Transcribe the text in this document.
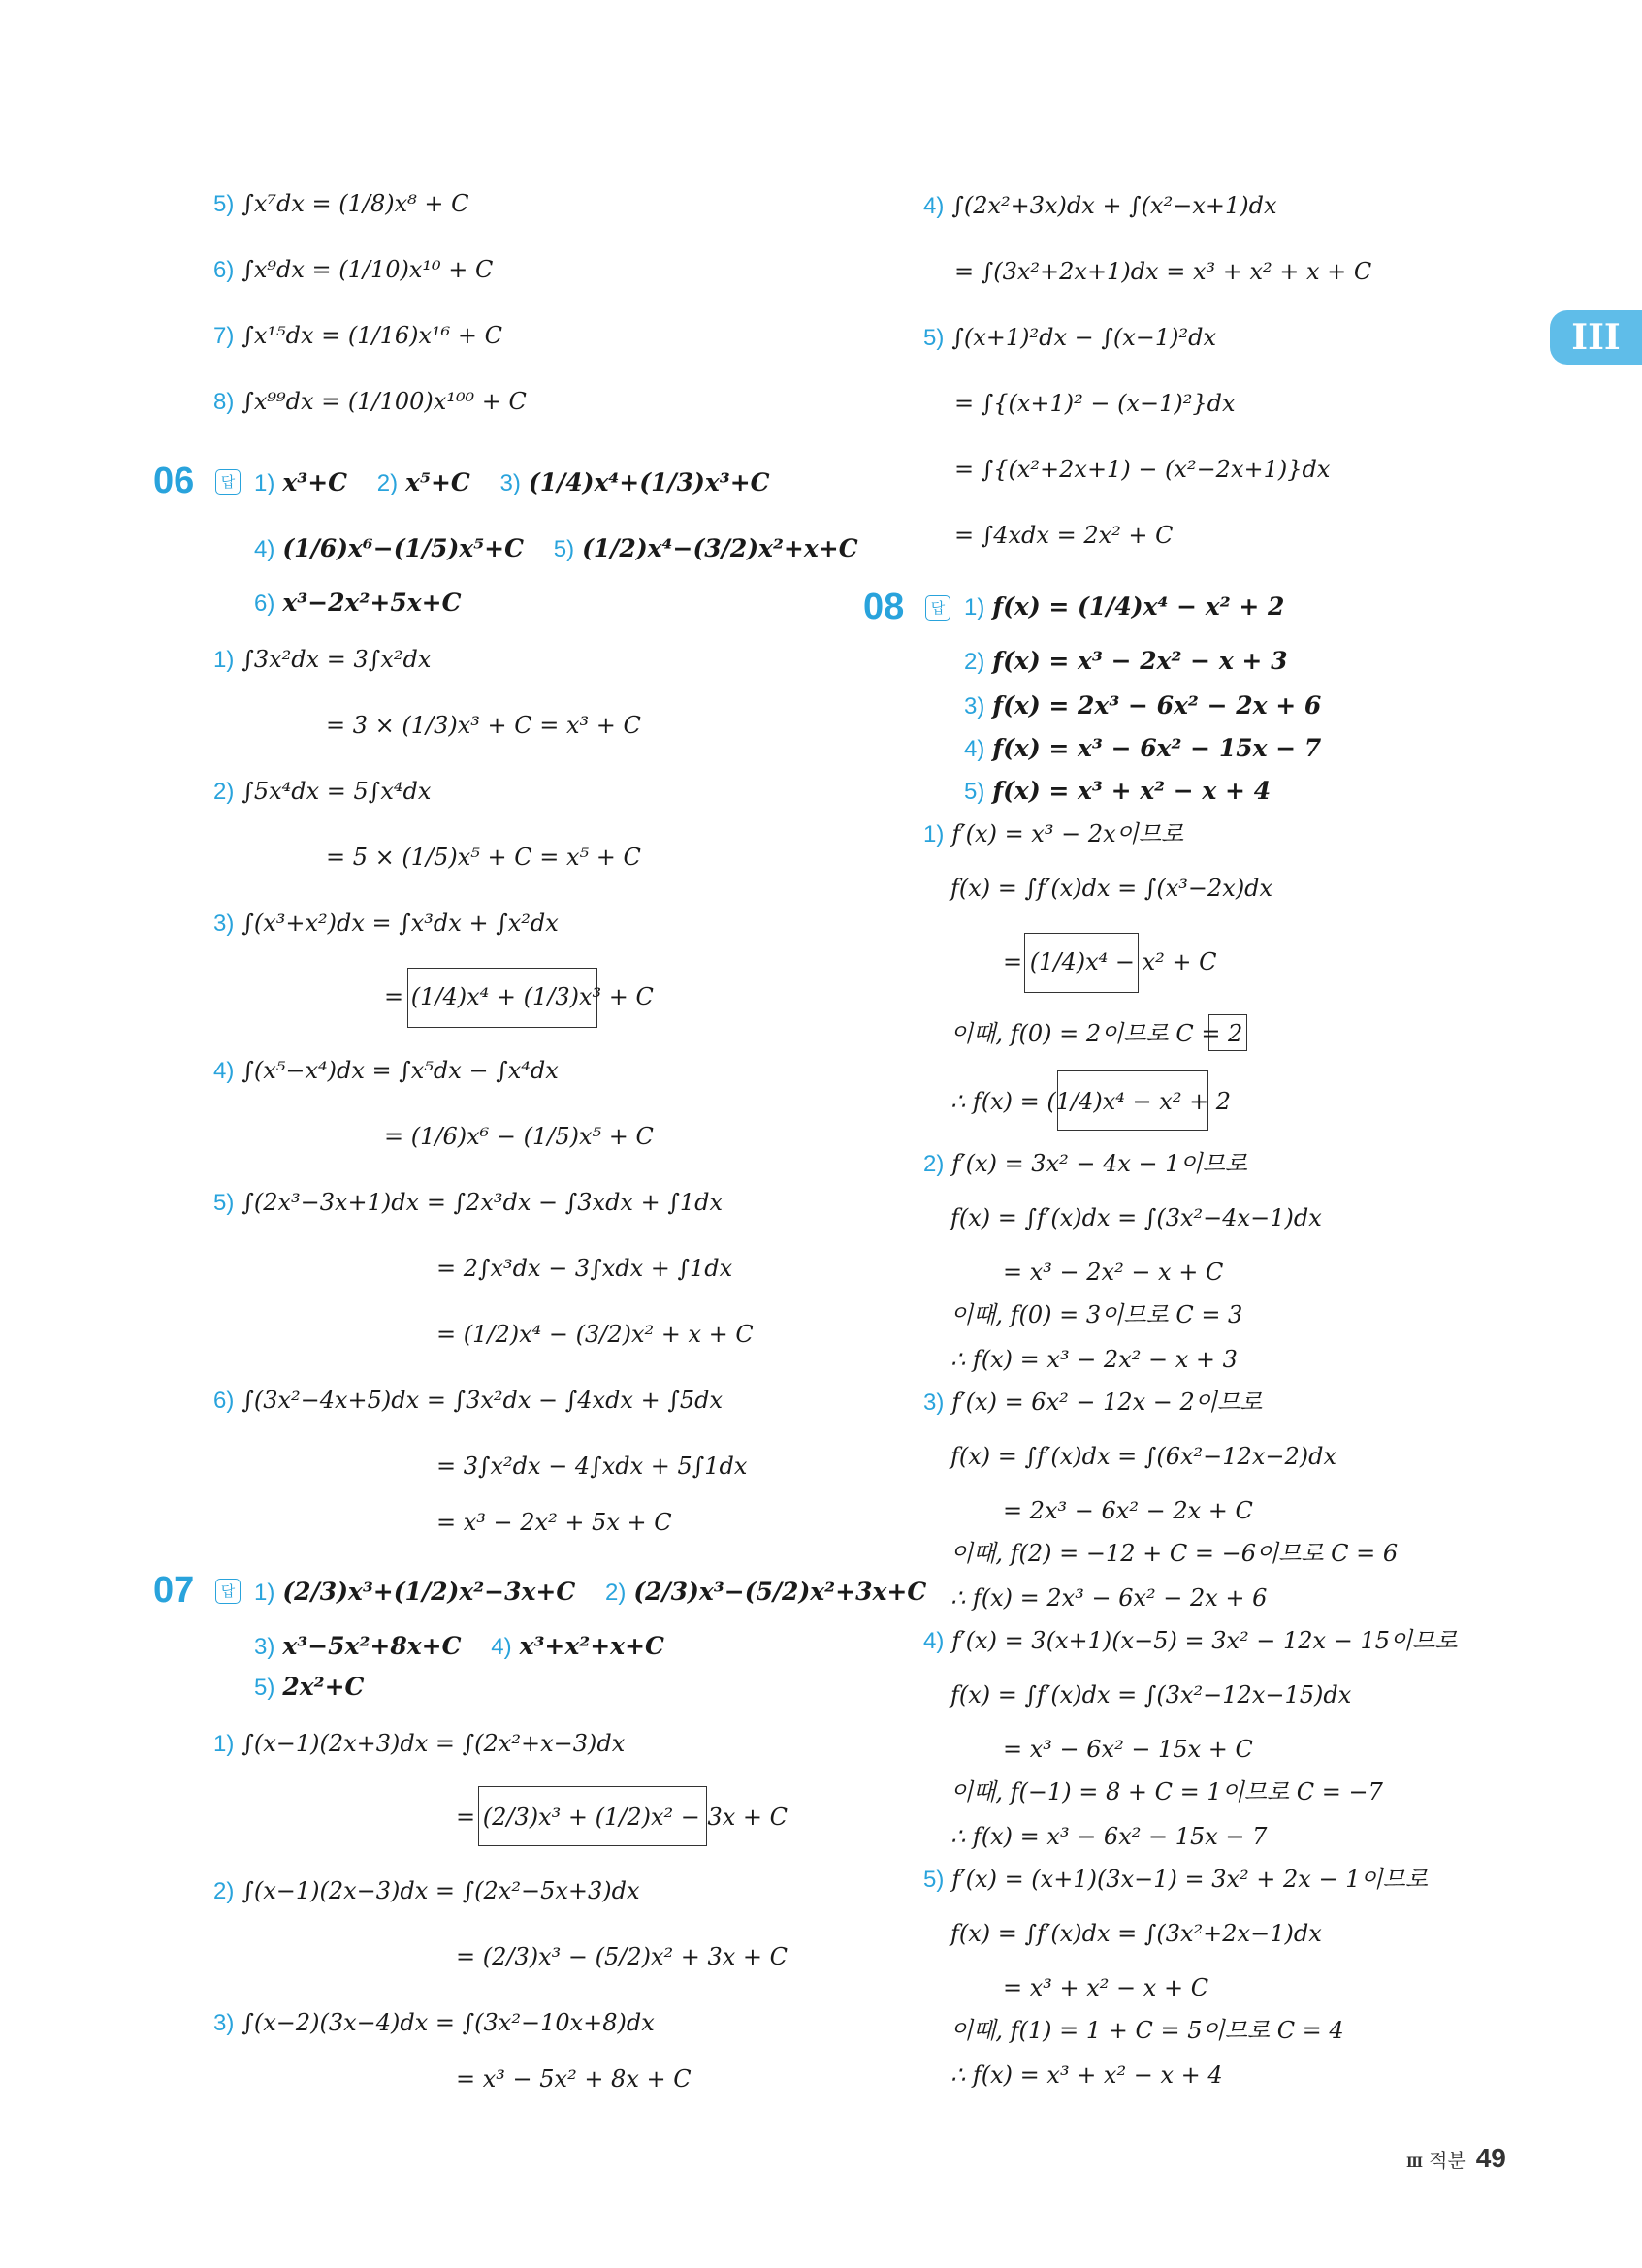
III
5) ∫x⁷dx = (1/8)x⁸ + C
6) ∫x⁹dx = (1/10)x¹⁰ + C
7) ∫x¹⁵dx = (1/16)x¹⁶ + C
8) ∫x⁹⁹dx = (1/100)x¹⁰⁰ + C
06	답 1) x³+C 2) x⁵+C 3) (1/4)x⁴+(1/3)x³+C
4) (1/6)x⁶−(1/5)x⁵+C 5) (1/2)x⁴−(3/2)x²+x+C
6) x³−2x²+5x+C
1) ∫3x²dx = 3∫x²dx
= 3 × (1/3)x³ + C = x³ + C
2) ∫5x⁴dx = 5∫x⁴dx
= 5 × (1/5)x⁵ + C = x⁵ + C
3) ∫(x³+x²)dx = ∫x³dx + ∫x²dx
= (1/4)x⁴ + (1/3)x³ + C
4) ∫(x⁵−x⁴)dx = ∫x⁵dx − ∫x⁴dx
= (1/6)x⁶ − (1/5)x⁵ + C
5) ∫(2x³−3x+1)dx = ∫2x³dx − ∫3xdx + ∫1dx
= 2∫x³dx − 3∫xdx + ∫1dx
= (1/2)x⁴ − (3/2)x² + x + C
6) ∫(3x²−4x+5)dx = ∫3x²dx − ∫4xdx + ∫5dx
= 3∫x²dx − 4∫xdx + 5∫1dx
= x³ − 2x² + 5x + C
07	답 1) (2/3)x³+(1/2)x²−3x+C 2) (2/3)x³−(5/2)x²+3x+C
3) x³−5x²+8x+C 4) x³+x²+x+C
5) 2x²+C
1) ∫(x−1)(2x+3)dx = ∫(2x²+x−3)dx
= (2/3)x³ + (1/2)x² − 3x + C
2) ∫(x−1)(2x−3)dx = ∫(2x²−5x+3)dx
= (2/3)x³ − (5/2)x² + 3x + C
3) ∫(x−2)(3x−4)dx = ∫(3x²−10x+8)dx
= x³ − 5x² + 8x + C
4) ∫(2x²+3x)dx + ∫(x²−x+1)dx
= ∫(3x²+2x+1)dx = x³ + x² + x + C
5) ∫(x+1)²dx − ∫(x−1)²dx
= ∫{(x+1)² − (x−1)²}dx
= ∫{(x²+2x+1) − (x²−2x+1)}dx
= ∫4xdx = 2x² + C
08	답 1) f(x) = (1/4)x⁴ − x² + 2
2) f(x) = x³ − 2x² − x + 3
3) f(x) = 2x³ − 6x² − 2x + 6
4) f(x) = x³ − 6x² − 15x − 7
5) f(x) = x³ + x² − x + 4
1) f′(x) = x³ − 2x이므로
f(x) = ∫f′(x)dx = ∫(x³−2x)dx
= (1/4)x⁴ − x² + C
이때, f(0) = 2이므로 C = 2
∴ f(x) = (1/4)x⁴ − x² + 2
2) f′(x) = 3x² − 4x − 1이므로
f(x) = ∫f′(x)dx = ∫(3x²−4x−1)dx
= x³ − 2x² − x + C
이때, f(0) = 3이므로 C = 3
∴ f(x) = x³ − 2x² − x + 3
3) f′(x) = 6x² − 12x − 2이므로
f(x) = ∫f′(x)dx = ∫(6x²−12x−2)dx
= 2x³ − 6x² − 2x + C
이때, f(2) = −12 + C = −6이므로 C = 6
∴ f(x) = 2x³ − 6x² − 2x + 6
4) f′(x) = 3(x+1)(x−5) = 3x² − 12x − 15이므로
f(x) = ∫f′(x)dx = ∫(3x²−12x−15)dx
= x³ − 6x² − 15x + C
이때, f(−1) = 8 + C = 1이므로 C = −7
∴ f(x) = x³ − 6x² − 15x − 7
5) f′(x) = (x+1)(3x−1) = 3x² + 2x − 1이므로
f(x) = ∫f′(x)dx = ∫(3x²+2x−1)dx
= x³ + x² − x + C
이때, f(1) = 1 + C = 5이므로 C = 4
∴ f(x) = x³ + x² − x + 4
Ⅲ 적분 49
